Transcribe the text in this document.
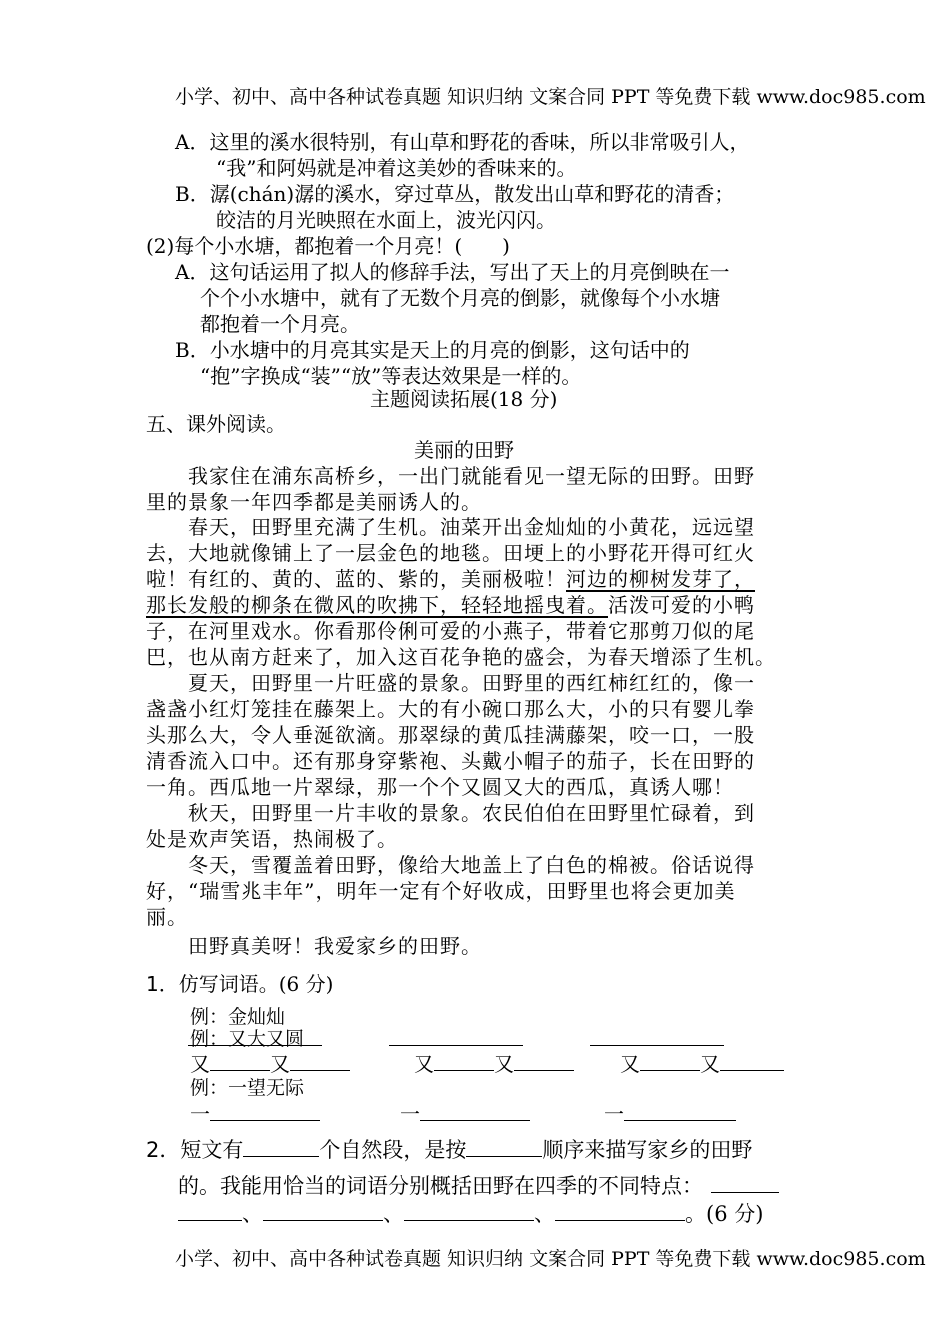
小学、初中、高中各种试卷真题 知识归纳 文案合同 PPT 等免费下载 www.doc985.com
小学、初中、高中各种试卷真题 知识归纳 文案合同 PPT 等免费下载 www.doc985.com
A．这里的溪水很特别，有山草和野花的香味，所以非常吸引人，
“我”和阿妈就是冲着这美妙的香味来的。
B．潺(chán)潺的溪水，穿过草丛，散发出山草和野花的清香；
皎洁的月光映照在水面上，波光闪闪。
(2)每个小水塘，都抱着一个月亮！(　　)
A．这句话运用了拟人的修辞手法，写出了天上的月亮倒映在一
个个小水塘中，就有了无数个月亮的倒影，就像每个小水塘
都抱着一个月亮。
B．小水塘中的月亮其实是天上的月亮的倒影，这句话中的
“抱”字换成“装”“放”等表达效果是一样的。
主题阅读拓展(18 分)
五、课外阅读。
美丽的田野
我家住在浦东高桥乡，一出门就能看见一望无际的田野。田野
里的景象一年四季都是美丽诱人的。
春天，田野里充满了生机。油菜开出金灿灿的小黄花，远远望
去，大地就像铺上了一层金色的地毯。田埂上的小野花开得可红火
啦！有红的、黄的、蓝的、紫的，美丽极啦！河边的柳树发芽了，
那长发般的柳条在微风的吹拂下，轻轻地摇曳着。活泼可爱的小鸭
子，在河里戏水。你看那伶俐可爱的小燕子，带着它那剪刀似的尾
巴，也从南方赶来了，加入这百花争艳的盛会，为春天增添了生机。
夏天，田野里一片旺盛的景象。田野里的西红柿红红的，像一
盏盏小红灯笼挂在藤架上。大的有小碗口那么大，小的只有婴儿拳
头那么大，令人垂涎欲滴。那翠绿的黄瓜挂满藤架，咬一口，一股
清香流入口中。还有那身穿紫袍、头戴小帽子的茄子，长在田野的
一角。西瓜地一片翠绿，那一个个又圆又大的西瓜，真诱人哪！
秋天，田野里一片丰收的景象。农民伯伯在田野里忙碌着，到
处是欢声笑语，热闹极了。
冬天，雪覆盖着田野，像给大地盖上了白色的棉被。俗话说得
好，“瑞雪兆丰年”，明年一定有个好收成，田野里也将会更加美
丽。
田野真美呀！我爱家乡的田野。
1．仿写词语。(6 分)
例：金灿灿
例：又大又圆
又	又	又	又	又	又
例：一望无际
一	一	一
2．短文有	个自然段，是按	顺序来描写家乡的田野
的。我能用恰当的词语分别概括田野在四季的不同特点：
、	、	、	。(6 分)
